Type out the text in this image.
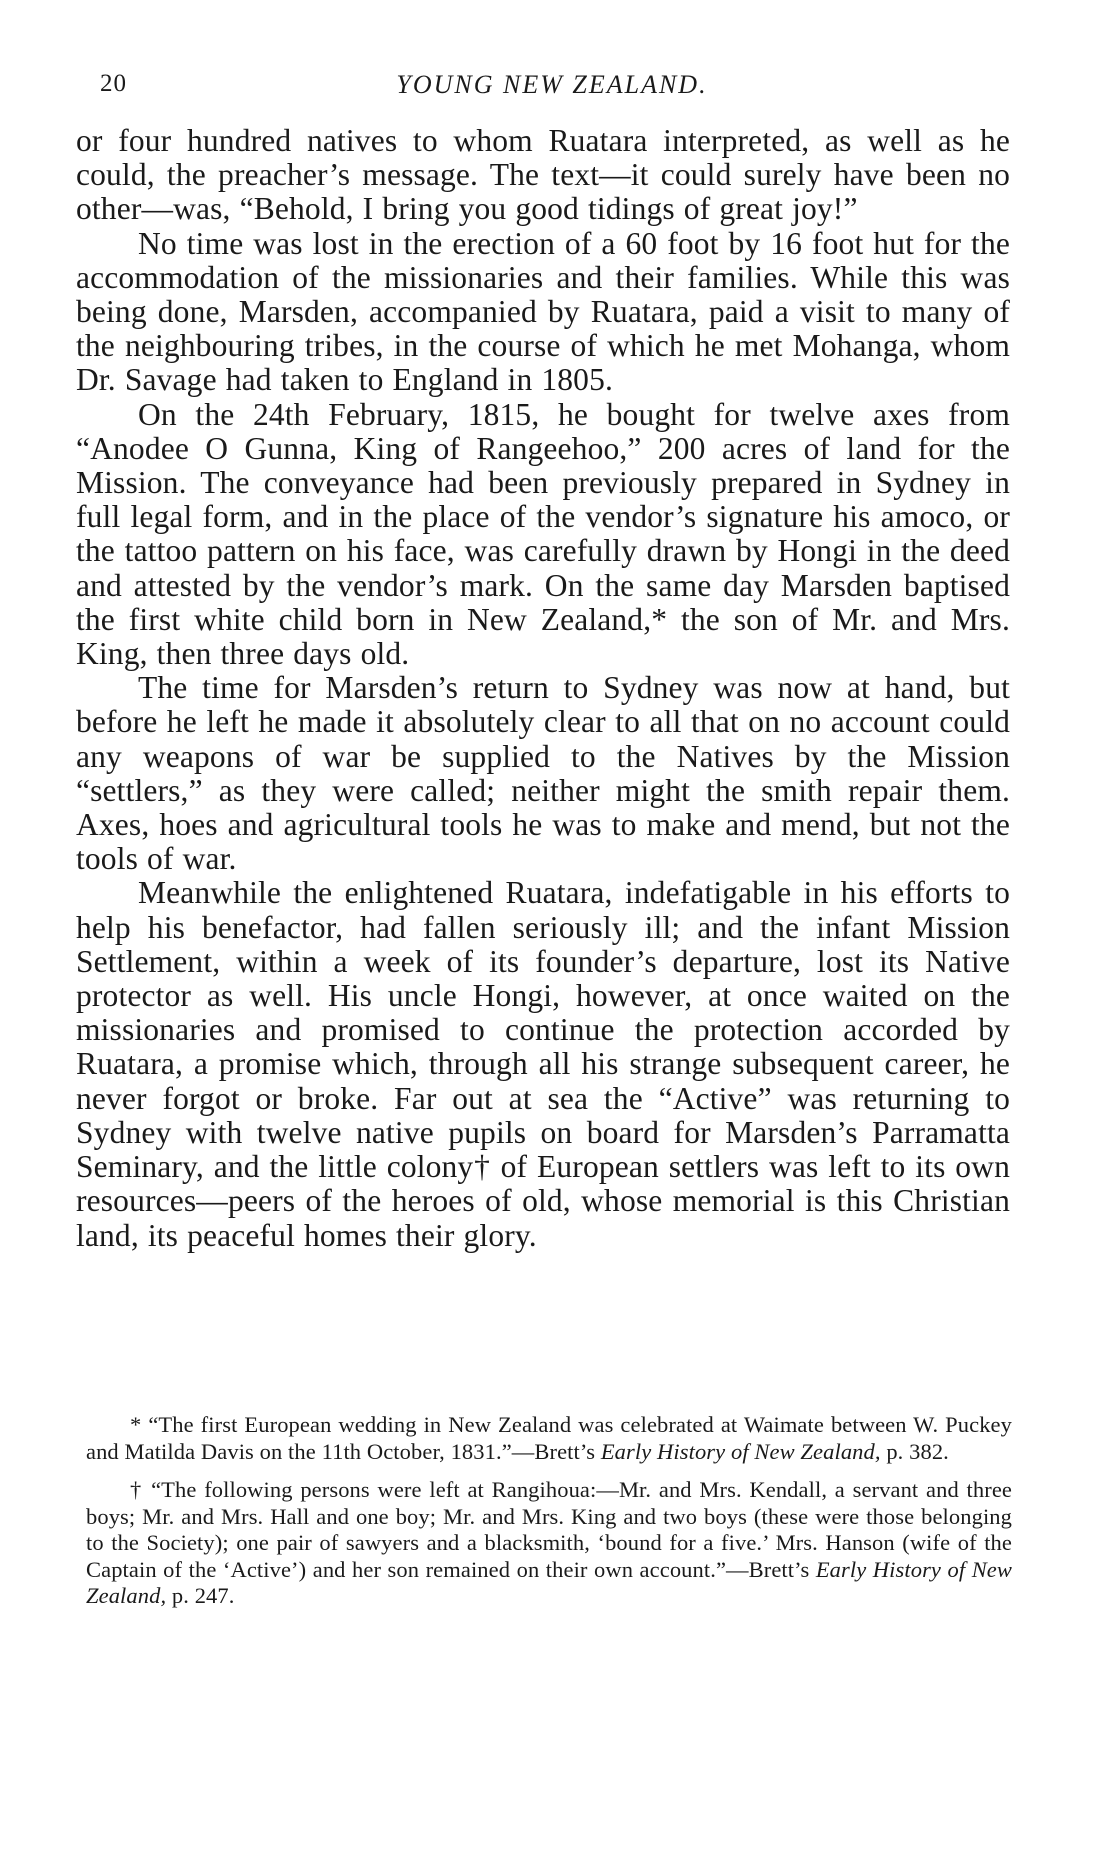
20	YOUNG NEW ZEALAND.

or four hundred natives to whom Ruatara interpreted, as well as he could, the preacher’s message. The text—it could surely have been no other—was, “Behold, I bring you good tidings of great joy!”

No time was lost in the erection of a 60 foot by 16 foot hut for the accommodation of the missionaries and their families. While this was being done, Marsden, accompanied by Ruatara, paid a visit to many of the neighbouring tribes, in the course of which he met Mohanga, whom Dr. Savage had taken to England in 1805.

On the 24th February, 1815, he bought for twelve axes from “Anodee O Gunna, King of Rangeehoo,” 200 acres of land for the Mission. The conveyance had been previously prepared in Sydney in full legal form, and in the place of the vendor’s signature his amoco, or the tattoo pattern on his face, was carefully drawn by Hongi in the deed and attested by the vendor’s mark. On the same day Marsden baptised the first white child born in New Zealand,* the son of Mr. and Mrs. King, then three days old.

The time for Marsden’s return to Sydney was now at hand, but before he left he made it absolutely clear to all that on no account could any weapons of war be supplied to the Natives by the Mission “settlers,” as they were called; neither might the smith repair them. Axes, hoes and agricultural tools he was to make and mend, but not the tools of war.

Meanwhile the enlightened Ruatara, indefatigable in his efforts to help his benefactor, had fallen seriously ill; and the infant Mission Settlement, within a week of its founder’s departure, lost its Native protector as well. His uncle Hongi, however, at once waited on the missionaries and promised to continue the protection accorded by Ruatara, a promise which, through all his strange subsequent career, he never forgot or broke. Far out at sea the “Active” was returning to Sydney with twelve native pupils on board for Marsden’s Parramatta Seminary, and the little colony† of European settlers was left to its own resources—peers of the heroes of old, whose memorial is this Christian land, its peaceful homes their glory.

* “The first European wedding in New Zealand was celebrated at Waimate between W. Puckey and Matilda Davis on the 11th October, 1831.”—Brett’s Early History of New Zealand, p. 382.

† “The following persons were left at Rangihoua:—Mr. and Mrs. Kendall, a servant and three boys; Mr. and Mrs. Hall and one boy; Mr. and Mrs. King and two boys (these were those belonging to the Society); one pair of sawyers and a blacksmith, ‘bound for a five.’ Mrs. Hanson (wife of the Captain of the ‘Active’) and her son remained on their own account.”—Brett’s Early History of New Zealand, p. 247.
